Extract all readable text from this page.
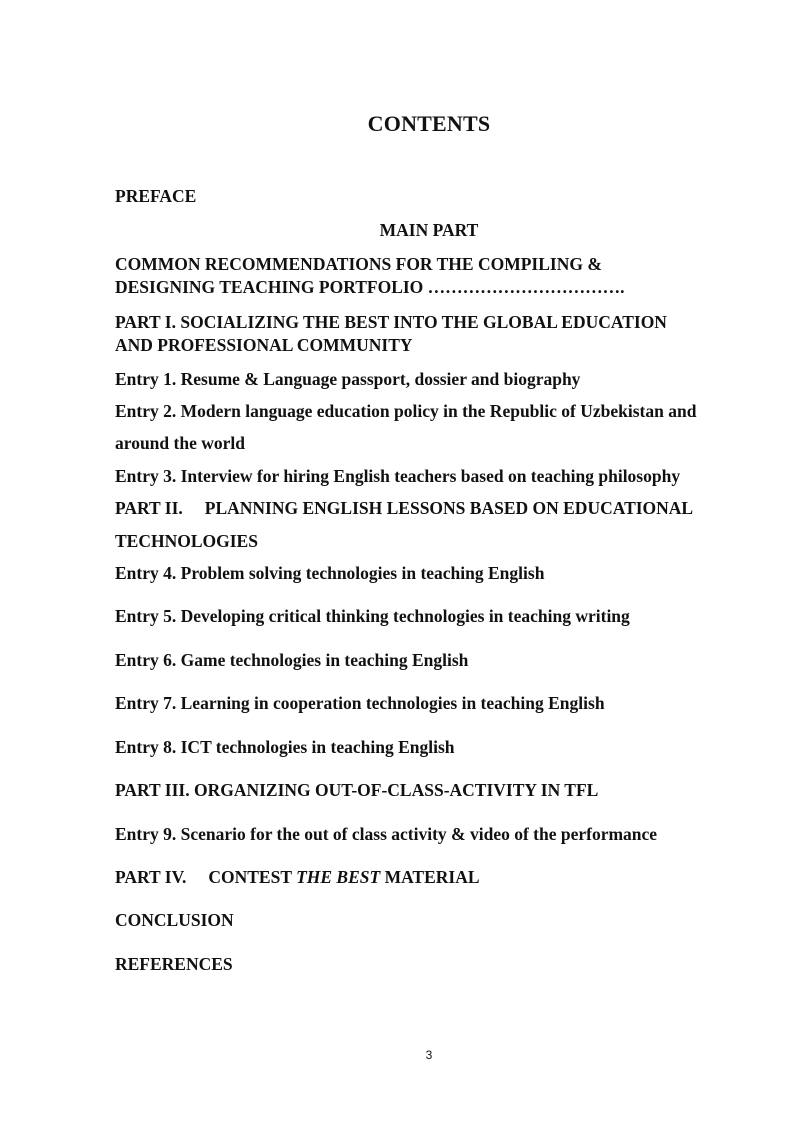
CONTENTS
PREFACE
MAIN PART
COMMON RECOMMENDATIONS FOR THE COMPILING &
DESIGNING TEACHING PORTFOLIO …………………………….
PART I. SOCIALIZING THE BEST INTO THE GLOBAL EDUCATION
AND PROFESSIONAL COMMUNITY
Entry 1. Resume & Language passport, dossier and biography
Entry 2. Modern language education policy in the Republic of Uzbekistan and
around the world
Entry 3. Interview for hiring English teachers based on teaching philosophy
PART II. PLANNING ENGLISH LESSONS BASED ON EDUCATIONAL
TECHNOLOGIES
Entry 4. Problem solving technologies in teaching English
Entry 5. Developing critical thinking technologies in teaching writing
Entry 6. Game technologies in teaching English
Entry 7. Learning in cooperation technologies in teaching English
Entry 8. ICT technologies in teaching English
PART III. ORGANIZING OUT-OF-CLASS-ACTIVITY IN TFL
Entry 9. Scenario for the out of class activity & video of the performance
PART IV. CONTEST THE BEST MATERIAL
CONCLUSION
REFERENCES
3
